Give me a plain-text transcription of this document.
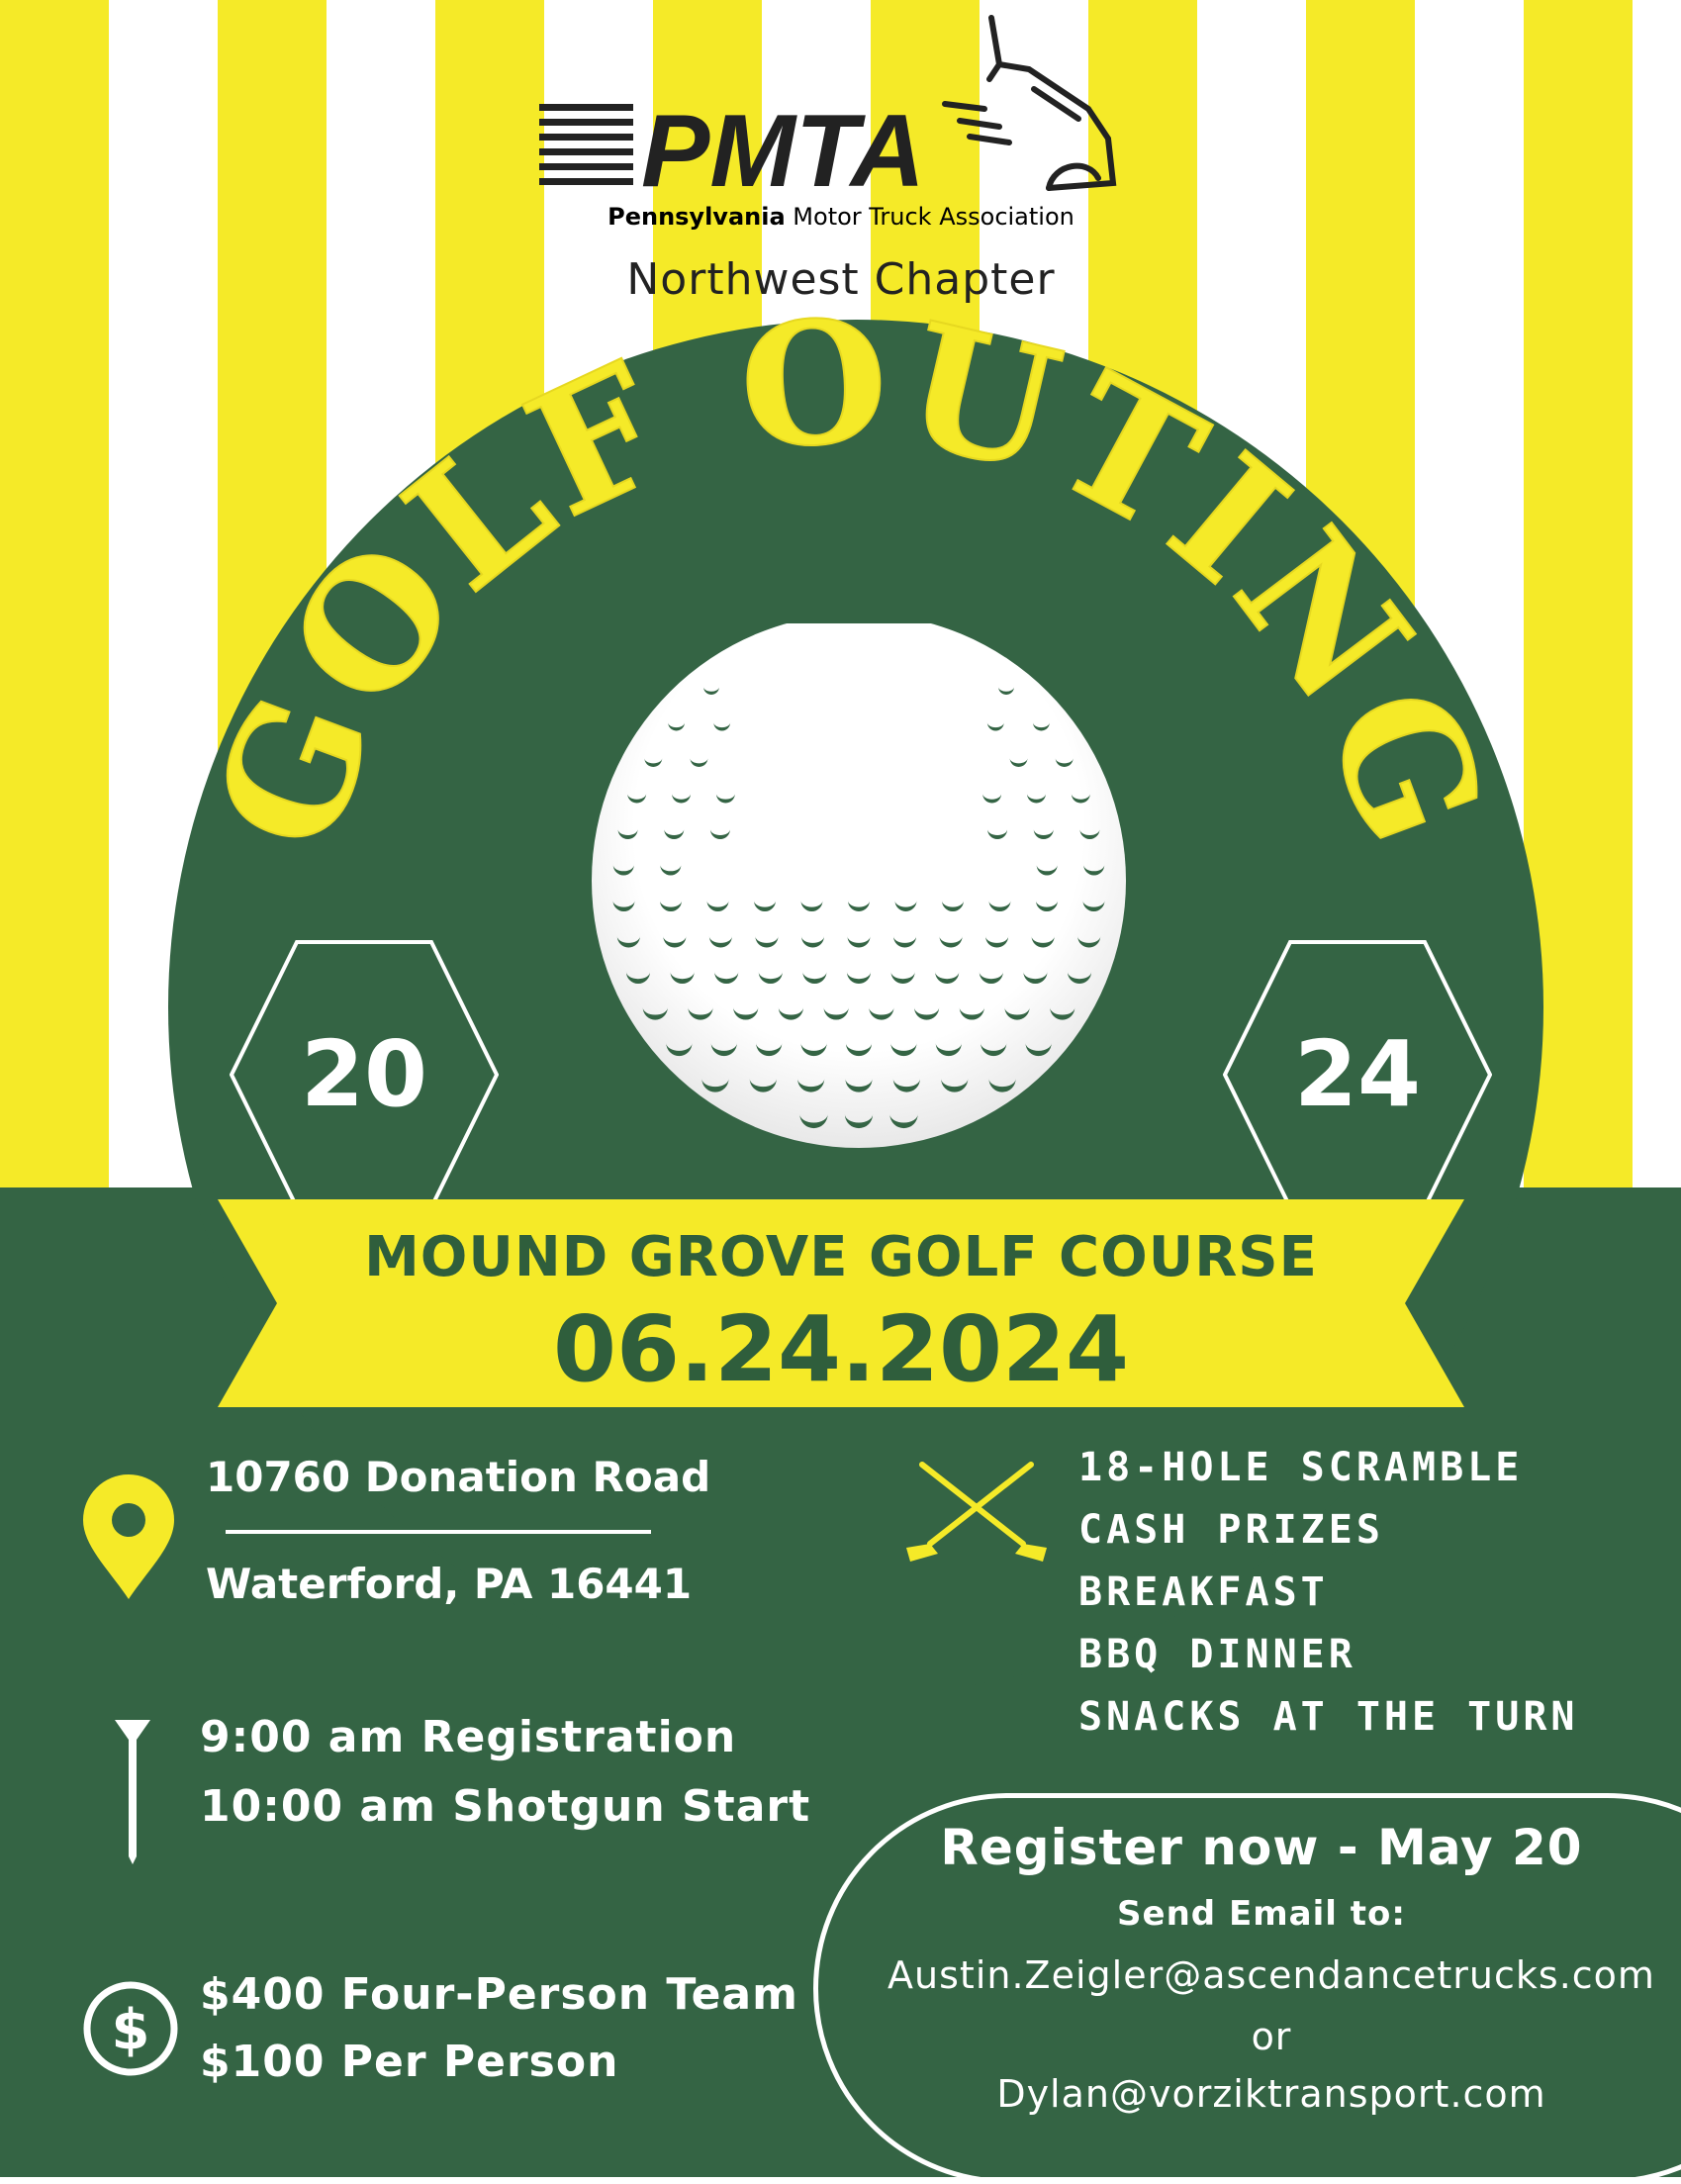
PMTA
Pennsylvania Motor Truck Association
Northwest Chapter
GOLF OUTING
20	24
MOUND GROVE GOLF COURSE
06.24.2024
10760 Donation Road
Waterford, PA 16441
9:00 am Registration
10:00 am Shotgun Start
$
$400 Four-Person Team
$100 Per Person
18-HOLE SCRAMBLE
CASH PRIZES
BREAKFAST
BBQ DINNER
SNACKS AT THE TURN
Register now - May 20
Send Email to:
Austin.Zeigler@ascendancetrucks.com
or
Dylan@vorziktransport.com
